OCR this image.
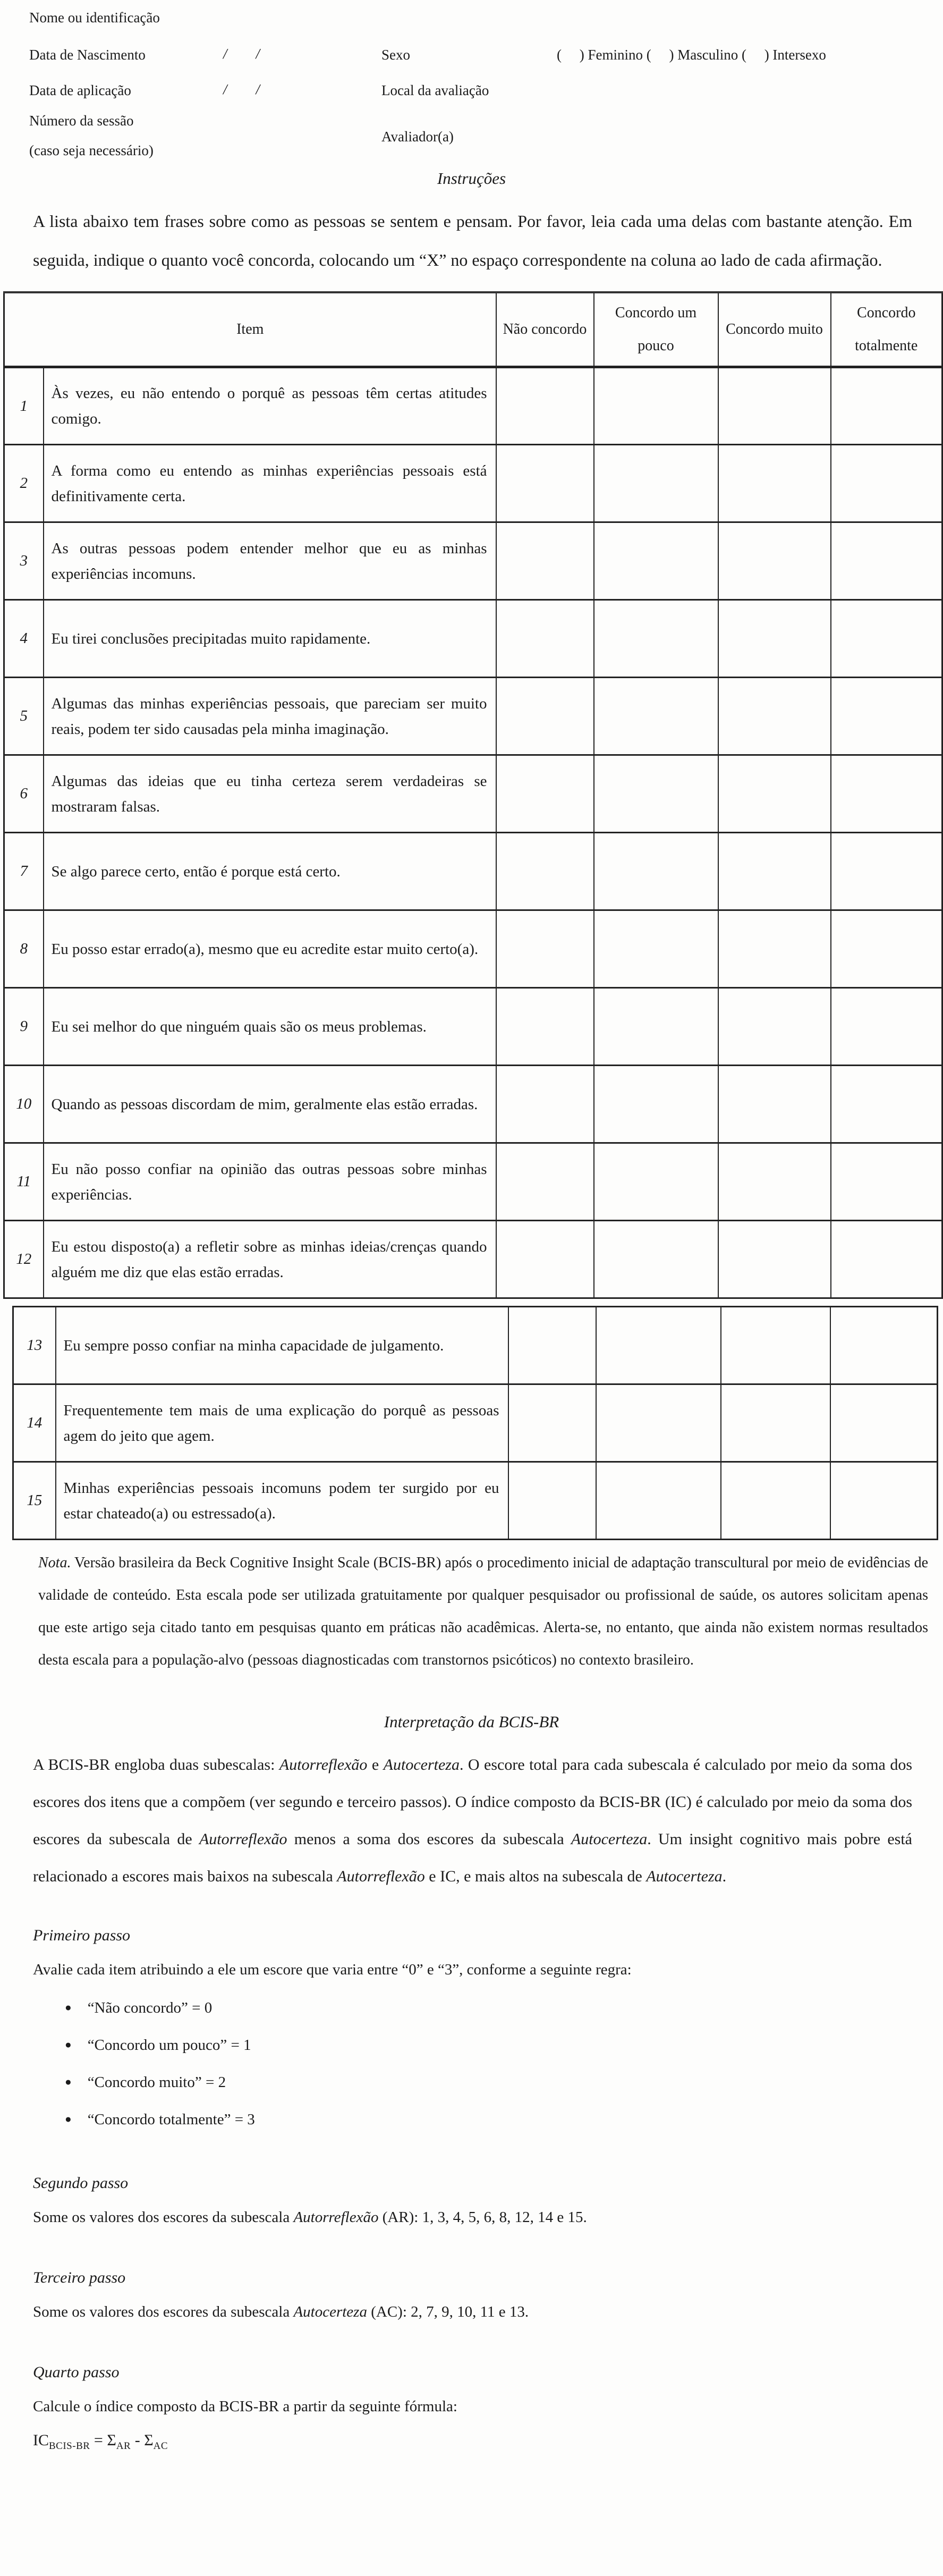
Nome ou identificação
Data de Nascimento	/        /	Sexo	(     ) Feminino (     ) Masculino (     ) Intersexo
Data de aplicação	/        /	Local da avaliação
Número da sessão
Avaliador(a)
(caso seja necessário)
Instruções

A lista abaixo tem frases sobre como as pessoas se sentem e pensam. Por favor, leia cada uma delas com bastante atenção. Em seguida, indique o quanto você concorda, colocando um “X” no espaço correspondente na coluna ao lado de cada afirmação.

Item		Não concordo	Concordo um pouco	Concordo muito	Concordo totalmente
1	Às vezes, eu não entendo o porquê as pessoas têm certas atitudes comigo.				
2	A forma como eu entendo as minhas experiências pessoais está definitivamente certa.				
3	As outras pessoas podem entender melhor que eu as minhas experiências incomuns.				
4	Eu tirei conclusões precipitadas muito rapidamente.				
5	Algumas das minhas experiências pessoais, que pareciam ser muito reais, podem ter sido causadas pela minha imaginação.				
6	Algumas das ideias que eu tinha certeza serem verdadeiras se mostraram falsas.				
7	Se algo parece certo, então é porque está certo.				
8	Eu posso estar errado(a), mesmo que eu acredite estar muito certo(a).				
9	Eu sei melhor do que ninguém quais são os meus problemas.				
10	Quando as pessoas discordam de mim, geralmente elas estão erradas.				
11	Eu não posso confiar na opinião das outras pessoas sobre minhas experiências.				
12	Eu estou disposto(a) a refletir sobre as minhas ideias/crenças quando alguém me diz que elas estão erradas.				
13	Eu sempre posso confiar na minha capacidade de julgamento.				
14	Frequentemente tem mais de uma explicação do porquê as pessoas agem do jeito que agem.				
15	Minhas experiências pessoais incomuns podem ter surgido por eu estar chateado(a) ou estressado(a).				

Nota. Versão brasileira da Beck Cognitive Insight Scale (BCIS-BR) após o procedimento inicial de adaptação transcultural por meio de evidências de validade de conteúdo. Esta escala pode ser utilizada gratuitamente por qualquer pesquisador ou profissional de saúde, os autores solicitam apenas que este artigo seja citado tanto em pesquisas quanto em práticas não acadêmicas. Alerta-se, no entanto, que ainda não existem normas resultados desta escala para a população-alvo (pessoas diagnosticadas com transtornos psicóticos) no contexto brasileiro.

Interpretação da BCIS-BR

A BCIS-BR engloba duas subescalas: Autorreflexão e Autocerteza. O escore total para cada subescala é calculado por meio da soma dos escores dos itens que a compõem (ver segundo e terceiro passos). O índice composto da BCIS-BR (IC) é calculado por meio da soma dos escores da subescala de Autorreflexão menos a soma dos escores da subescala Autocerteza. Um insight cognitivo mais pobre está relacionado a escores mais baixos na subescala Autorreflexão e IC, e mais altos na subescala de Autocerteza.

Primeiro passo

Avalie cada item atribuindo a ele um escore que varia entre “0” e “3”, conforme a seguinte regra:

● “Não concordo” = 0
● “Concordo um pouco” = 1
● “Concordo muito” = 2
● “Concordo totalmente” = 3
Segundo passo

Some os valores dos escores da subescala Autorreflexão (AR): 1, 3, 4, 5, 6, 8, 12, 14 e 15.

Terceiro passo

Some os valores dos escores da subescala Autocerteza (AC): 2, 7, 9, 10, 11 e 13.

Quarto passo

Calcule o índice composto da BCIS-BR a partir da seguinte fórmula:

$IC_{BCIS-BR} = \Sigma_{AR} - \Sigma_{AC}$
